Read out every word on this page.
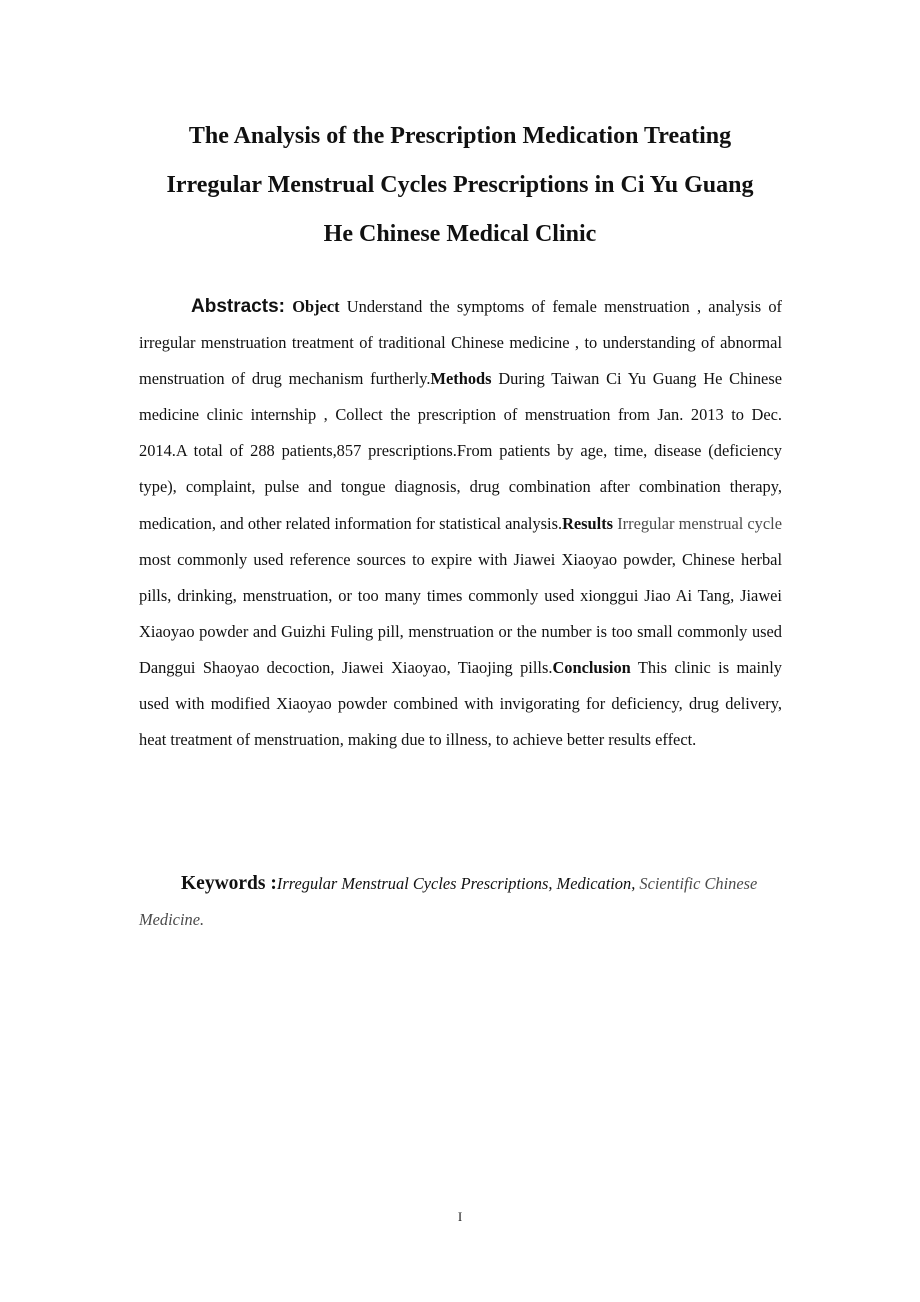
The Analysis of the Prescription Medication Treating
Irregular Menstrual Cycles Prescriptions in Ci Yu Guang
He Chinese Medical Clinic

Abstracts: Object Understand the symptoms of female menstruation , analysis of irregular menstruation treatment of traditional Chinese medicine , to understanding of abnormal menstruation of drug mechanism furtherly.Methods During Taiwan Ci Yu Guang He Chinese medicine clinic internship , Collect the prescription of menstruation from Jan. 2013 to Dec. 2014.A total of 288 patients,857 prescriptions.From patients by age, time, disease (deficiency type), complaint, pulse and tongue diagnosis, drug combination after combination therapy, medication, and other related information for statistical analysis.Results Irregular menstrual cycle most commonly used reference sources to expire with Jiawei Xiaoyao powder, Chinese herbal pills, drinking, menstruation, or too many times commonly used xionggui Jiao Ai Tang, Jiawei Xiaoyao powder and Guizhi Fuling pill, menstruation or the number is too small commonly used Danggui Shaoyao decoction, Jiawei Xiaoyao, Tiaojing pills.Conclusion This clinic is mainly used with modified Xiaoyao powder combined with invigorating for deficiency, drug delivery, heat treatment of menstruation, making due to illness, to achieve better results effect.

Keywords :Irregular Menstrual Cycles Prescriptions, Medication, Scientific Chinese Medicine.

I
